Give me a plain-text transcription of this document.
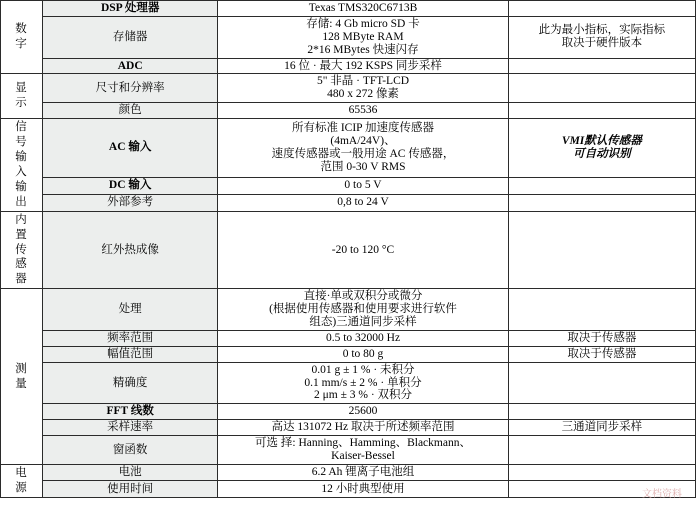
数
字	DSP 处理器	Texas TMS320C6713B	
	存储器	存储: 4 Gb micro SD 卡
128 MByte RAM
2*16 MBytes 快速闪存	此为最小指标，实际指标
取决于硬件版本
	ADC	16 位 · 最大 192 KSPS 同步采样	
显
示	尺寸和分辨率	5" 非晶 · TFT-LCD
480 x 272 像素	
	颜色	65536	
信
号
输
入
输
出	AC 输入	所有标准 ICIP 加速度传感器
(4mA/24V)、
速度传感器或一般用途 AC 传感器，
范围 0-30 V RMS	VMI默认传感器
可自动识别
	DC 输入	0 to 5 V	
	外部参考	0,8 to 24 V	
内
置
传
感
器	红外热成像	-20 to 120 °C	
测
量	处理	直接·单或双积分或微分
(根据使用传感器和使用要求进行软件
组态)三通道同步采样	
	频率范围	0.5 to 32000 Hz	取决于传感器
	幅值范围	0 to 80 g	取决于传感器
	精确度	0.01 g ± 1 % · 未积分
0.1 mm/s ± 2 % · 单积分
2 μm ± 3 % · 双积分	
	FFT 线数	25600	
	采样速率	高达 131072 Hz 取决于所述频率范围	三通道同步采样
	窗函数	可选 择: Hanning、Hamming、Blackmann、
Kaiser-Bessel	
电
源	电池	6.2 Ah 锂离子电池组	
	使用时间	12 小时典型使用		文档资料
